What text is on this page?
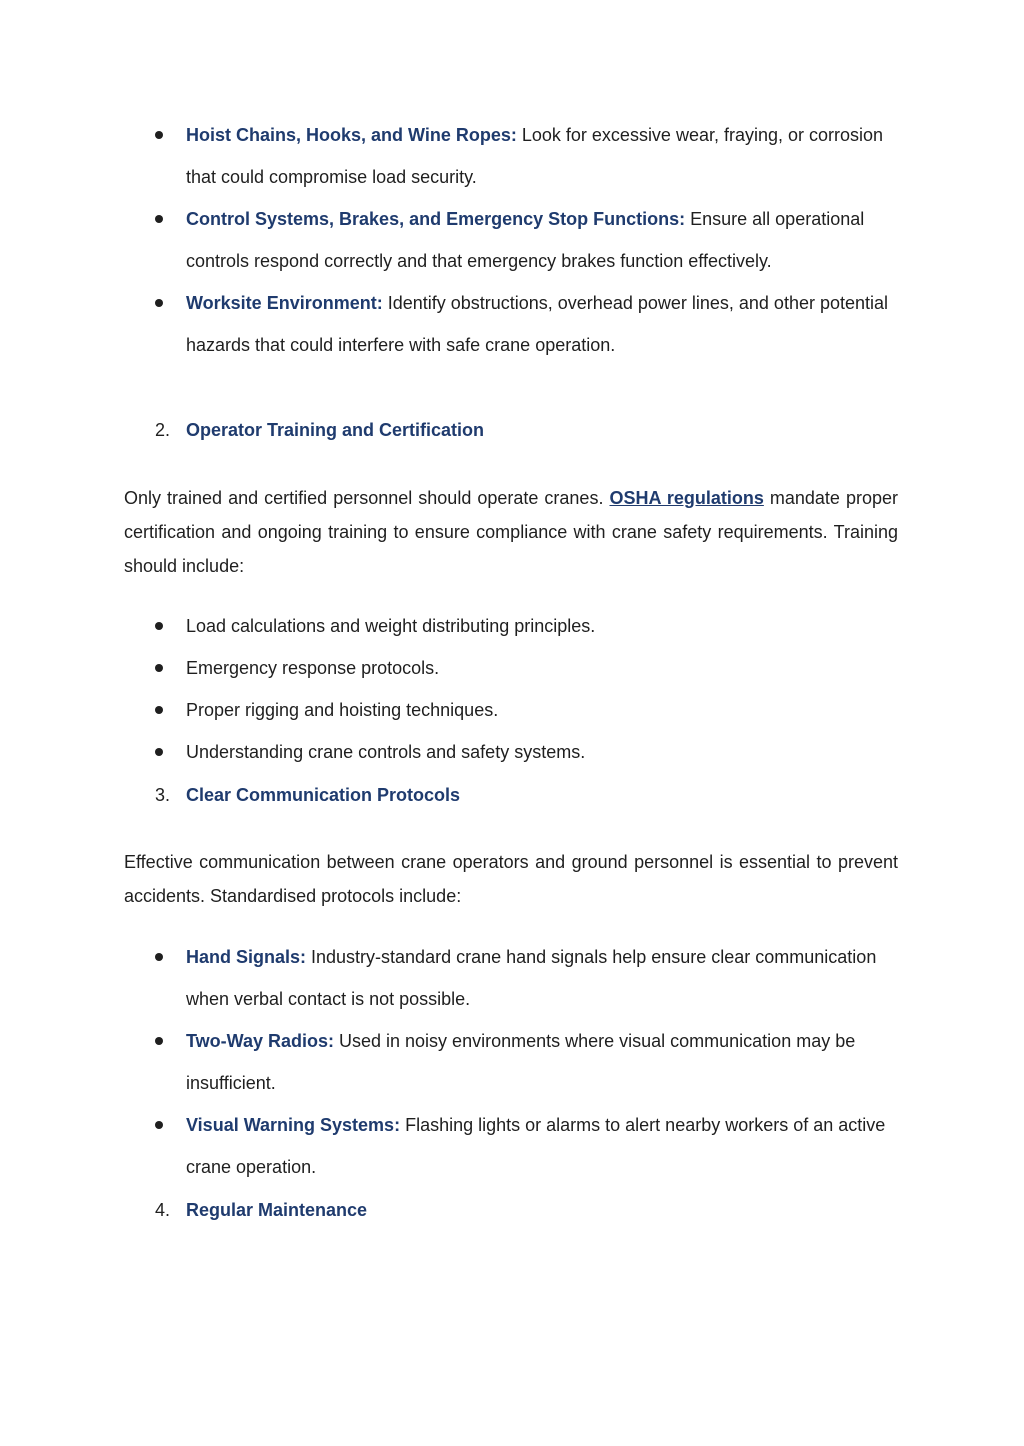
Hoist Chains, Hooks, and Wine Ropes: Look for excessive wear, fraying, or corrosion that could compromise load security.
Control Systems, Brakes, and Emergency Stop Functions: Ensure all operational controls respond correctly and that emergency brakes function effectively.
Worksite Environment: Identify obstructions, overhead power lines, and other potential hazards that could interfere with safe crane operation.
2. Operator Training and Certification

Only trained and certified personnel should operate cranes. OSHA regulations mandate proper certification and ongoing training to ensure compliance with crane safety requirements. Training should include:

Load calculations and weight distributing principles.
Emergency response protocols.
Proper rigging and hoisting techniques.
Understanding crane controls and safety systems.
3. Clear Communication Protocols

Effective communication between crane operators and ground personnel is essential to prevent accidents. Standardised protocols include:

Hand Signals: Industry-standard crane hand signals help ensure clear communication when verbal contact is not possible.
Two-Way Radios: Used in noisy environments where visual communication may be insufficient.
Visual Warning Systems: Flashing lights or alarms to alert nearby workers of an active crane operation.
4. Regular Maintenance
